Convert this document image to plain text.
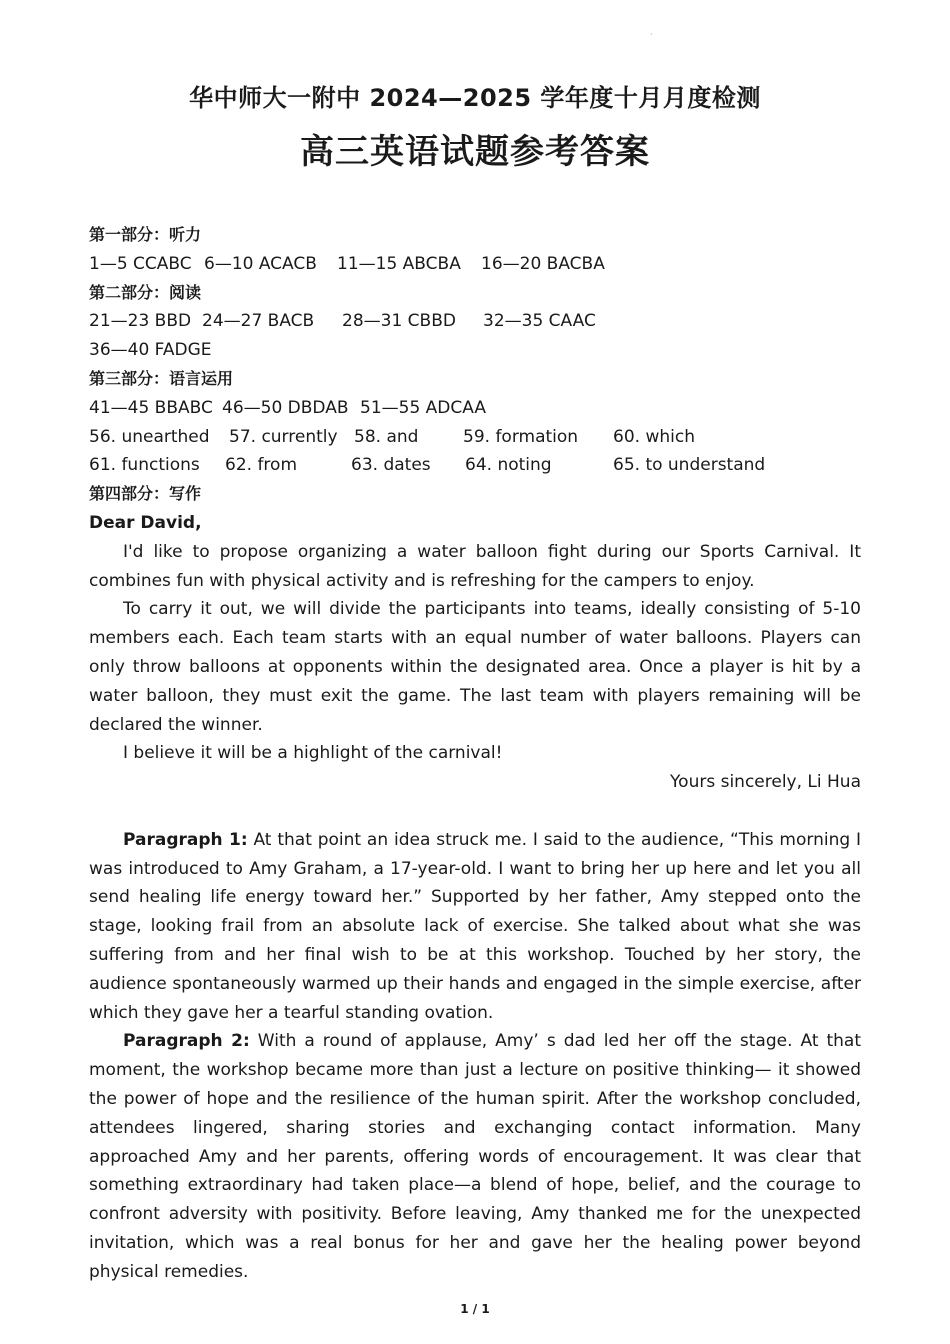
·
华中师大一附中 2024—2025 学年度十月月度检测
高三英语试题参考答案
第一部分：听力
1—5 CCABC 6—10 ACACB	11—15 ABCBA	16—20 BACBA
第二部分：阅读
21—23 BBD 24—27 BACB	28—31 CBBD	32—35 CAAC
36—40 FADGE
第三部分：语言运用
41—45 BBABC 46—50 DBDAB 51—55 ADCAA
56. unearthed	57. currently 58. and	59. formation	60. which
61. functions	62. from	63. dates	64. noting	65. to understand
第四部分：写作
Dear David,
I'd like to propose organizing a water balloon fight during our Sports Carnival. It combines fun with physical activity and is refreshing for the campers to enjoy.
To carry it out, we will divide the participants into teams, ideally consisting of 5-10 members each. Each team starts with an equal number of water balloons. Players can only throw balloons at opponents within the designated area. Once a player is hit by a water balloon, they must exit the game. The last team with players remaining will be declared the winner.
I believe it will be a highlight of the carnival!
Yours sincerely, Li Hua
Paragraph 1: At that point an idea struck me. I said to the audience, “This morning I was introduced to Amy Graham, a 17-year-old. I want to bring her up here and let you all send healing life energy toward her.” Supported by her father, Amy stepped onto the stage, looking frail from an absolute lack of exercise. She talked about what she was suffering from and her final wish to be at this workshop. Touched by her story, the audience spontaneously warmed up their hands and engaged in the simple exercise, after which they gave her a tearful standing ovation.
Paragraph 2: With a round of applause, Amy’ s dad led her off the stage. At that moment, the workshop became more than just a lecture on positive thinking— it showed the power of hope and the resilience of the human spirit. After the workshop concluded, attendees lingered, sharing stories and exchanging contact information. Many approached Amy and her parents, offering words of encouragement. It was clear that something extraordinary had taken place—a blend of hope, belief, and the courage to confront adversity with positivity. Before leaving, Amy thanked me for the unexpected invitation, which was a real bonus for her and gave her the healing power beyond physical remedies.
1 / 1
